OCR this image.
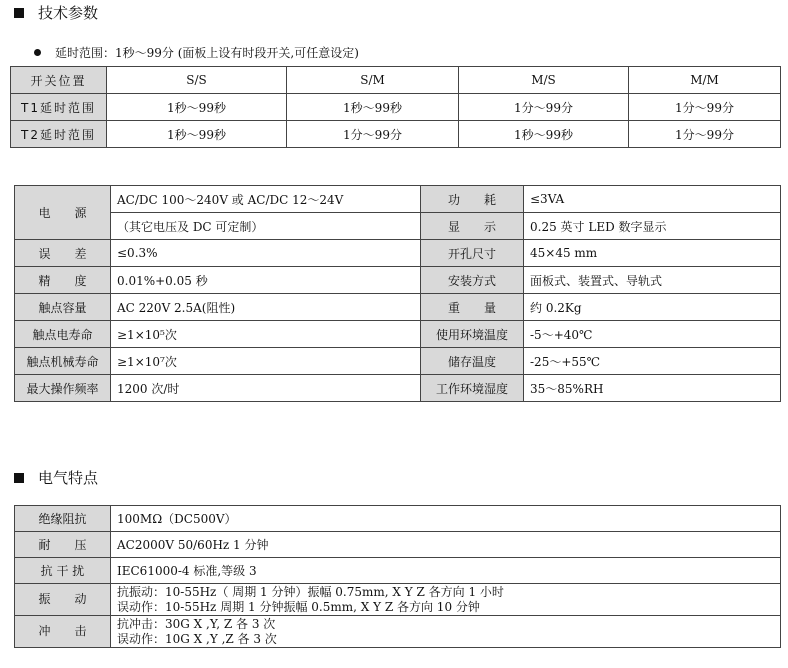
技术参数
延时范围：1秒～99分 (面板上设有时段开关,可任意设定)
开关位置	S/S	S/M	M/S	M/M
T1延时范围	1秒～99秒	1秒～99秒	1分～99分	1分～99分
T2延时范围	1秒～99秒	1分～99分	1秒～99秒	1分～99分
电　　源	AC/DC 100～240V 或 AC/DC 12～24V	功　　耗	≤3VA
	（其它电压及 DC 可定制）	显　　示	0.25 英寸 LED 数字显示
误　　差	≤0.3%	开孔尺寸	45×45 mm
精　　度	0.01%+0.05 秒	安装方式	面板式、装置式、导轨式
触点容量	AC 220V 2.5A(阻性)	重　　量	约 0.2Kg
触点电寿命	≥1×10⁵次	使用环境温度	-5～+40℃
触点机械寿命	≥1×10⁷次	储存温度	-25～+55℃
最大操作频率	1200 次/时	工作环境湿度	35～85%RH
电气特点
绝缘阻抗	100MΩ（DC500V）
耐　　压	AC2000V 50/60Hz 1 分钟
抗 干 扰	IEC61000-4 标准,等级 3
振　　动	抗振动：10-55Hz（ 周期 1 分钟）振幅 0.75mm, X Y Z 各方向 1 小时
误动作：10-55Hz 周期 1 分钟振幅 0.5mm, X Y Z 各方向 10 分钟

冲　　击	抗冲击：30G X ,Y, Z 各 3 次
误动作：10G X ,Y ,Z 各 3 次
